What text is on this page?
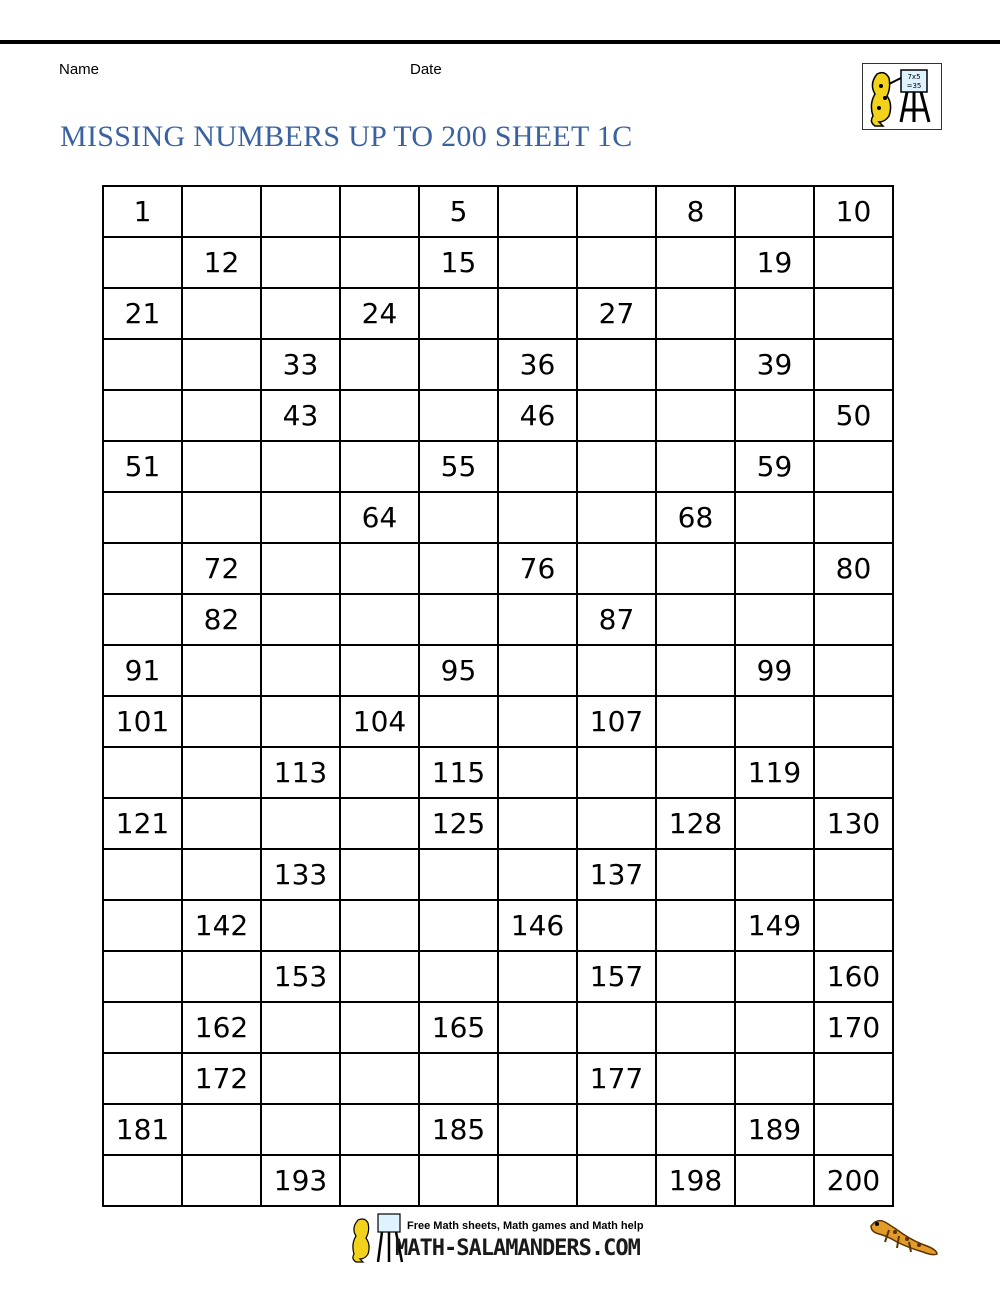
Name	Date	7x5
=35
MISSING NUMBERS UP TO 200 SHEET 1C
1				5			8		10
	12			15				19	
21			24			27			
		33			36			39	
		43			46				50
51				55				59	
			64				68		
	72				76				80
	82					87			
91				95				99	
101			104			107			
		113		115				119	
121				125			128		130
		133				137			
	142				146			149	
		153				157			160
	162			165					170
	172					177			
181				185				189	
		193					198		200
Free Math sheets, Math games and Math help
MATH-SALAMANDERS.COM
